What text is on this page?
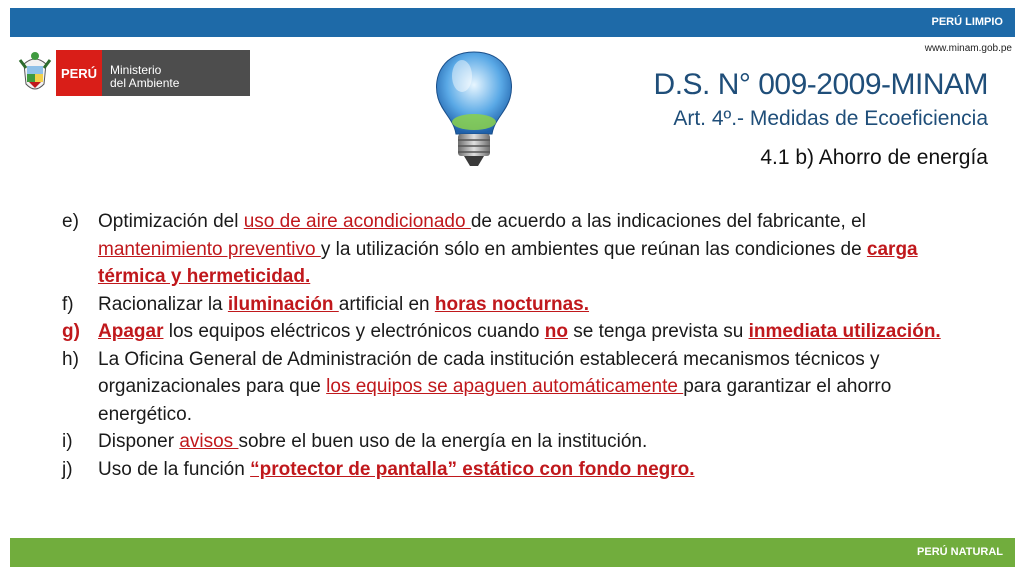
PERÚ LIMPIO
www.minam.gob.pe
PERÚ	Ministerio
del Ambiente	D.S. N° 009-2009-MINAM
Art. 4º.- Medidas de Ecoeficiencia
4.1 b) Ahorro de energía
e)	Optimización del uso de aire acondicionado de acuerdo a las indicaciones del fabricante, el mantenimiento preventivo y la utilización sólo en ambientes que reúnan las condiciones de carga térmica y hermeticidad.
f)	Racionalizar la iluminación artificial en horas nocturnas.
g) Apagar los equipos eléctricos y electrónicos cuando no se tenga prevista su inmediata utilización.
h)	La Oficina General de Administración de cada institución establecerá mecanismos técnicos y organizacionales para que los equipos se apaguen automáticamente para garantizar el ahorro energético.
i)	Disponer avisos sobre el buen uso de la energía en la institución.
j)	Uso de la función “protector de pantalla” estático con fondo negro.
PERÚ NATURAL
